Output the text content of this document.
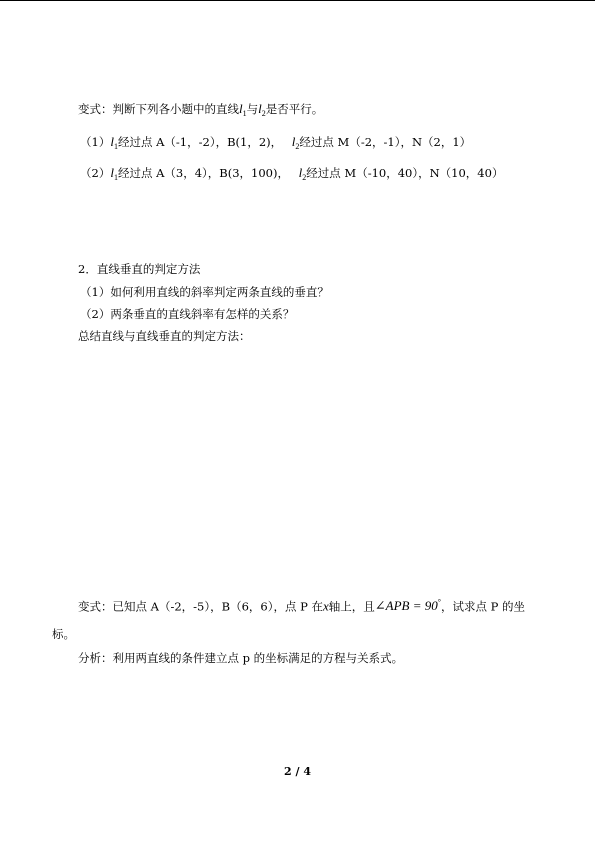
变式：判断下列各小题中的直线$l_1$与$l_2$是否平行。
$(1)l_1$经过点 A（-1，-2），B(1，2)， $l_2$经过点 M（-2，-1），N（2，1）
$(2)l_1$经过点 A（3，4），B(3，100)， $l_2$经过点 M（-10，40），N（10，40）
2．直线垂直的判定方法
（1）如何利用直线的斜率判定两条直线的垂直？
（2）两条垂直的直线斜率有怎样的关系？
总结直线与直线垂直的判定方法：
变式：已知点 A（-2，-5），B（6，6），点 P 在x轴上，且∠APB = 90°，试求点 P 的坐
标。
分析：利用两直线的条件建立点 p 的坐标满足的方程与关系式。
2 / 4
